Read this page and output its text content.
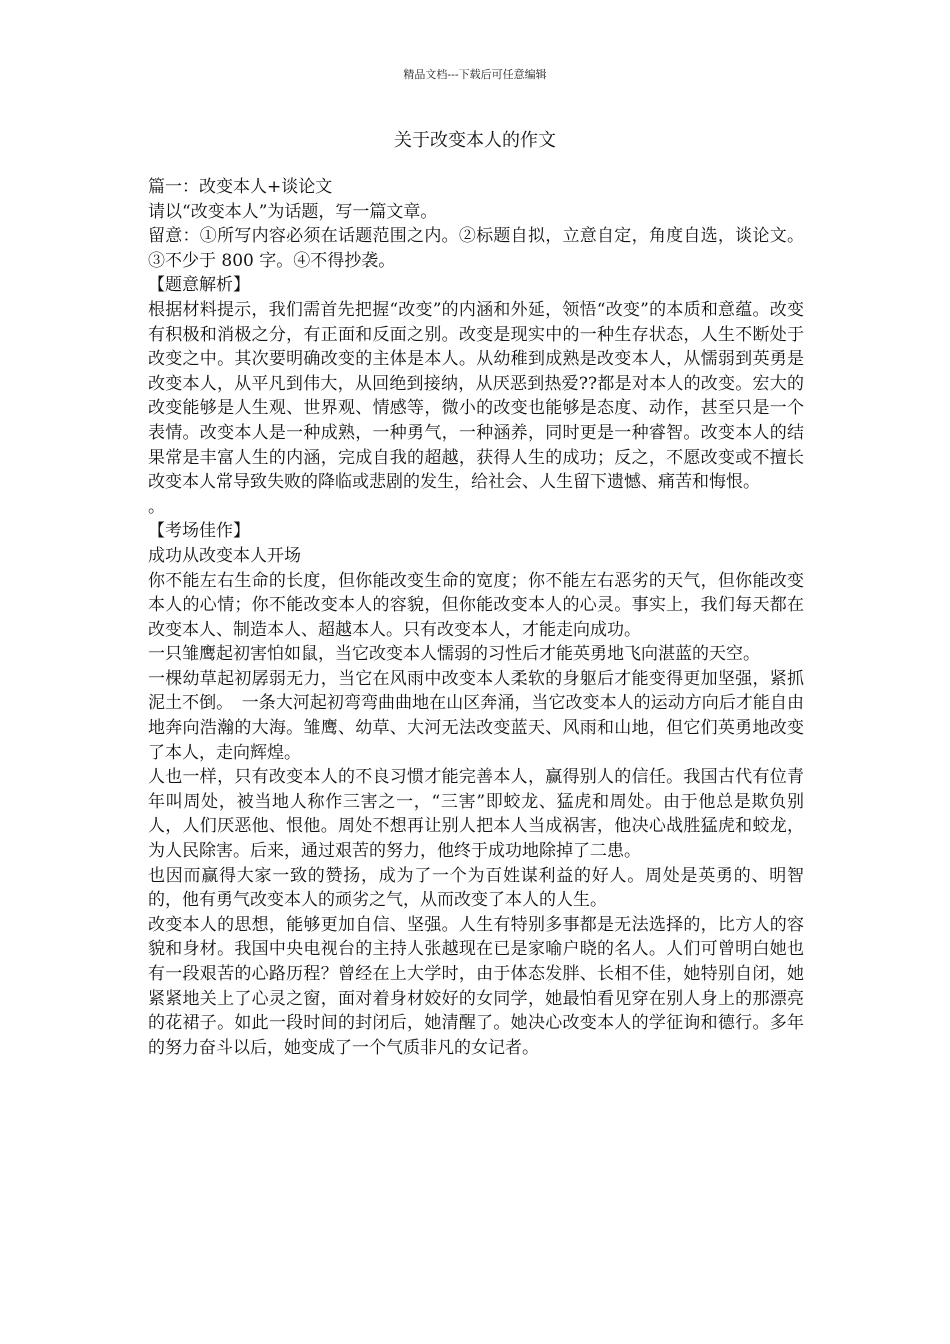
精品文档---下载后可任意编辑
关于改变本人的作文

篇一：改变本人+谈论文

请以“改变本人”为话题，写一篇文章。

留意：①所写内容必须在话题范围之内。②标题自拟，立意自定，角度自选，谈论文。③不少于 800 字。④不得抄袭。

【题意解析】

根据材料提示，我们需首先把握“改变”的内涵和外延，领悟“改变”的本质和意蕴。改变有积极和消极之分，有正面和反面之别。改变是现实中的一种生存状态，人生不断处于改变之中。其次要明确改变的主体是本人。从幼稚到成熟是改变本人，从懦弱到英勇是改变本人，从平凡到伟大，从回绝到接纳，从厌恶到热爱??都是对本人的改变。宏大的改变能够是人生观、世界观、情感等，微小的改变也能够是态度、动作，甚至只是一个表情。改变本人是一种成熟，一种勇气，一种涵养，同时更是一种睿智。改变本人的结果常是丰富人生的内涵，完成自我的超越，获得人生的成功；反之，不愿改变或不擅长改变本人常导致失败的降临或悲剧的发生，给社会、人生留下遗憾、痛苦和悔恨。

。

【考场佳作】

成功从改变本人开场

你不能左右生命的长度，但你能改变生命的宽度；你不能左右恶劣的天气，但你能改变本人的心情；你不能改变本人的容貌，但你能改变本人的心灵。事实上，我们每天都在改变本人、制造本人、超越本人。只有改变本人，才能走向成功。

一只雏鹰起初害怕如鼠，当它改变本人懦弱的习性后才能英勇地飞向湛蓝的天空。

一棵幼草起初孱弱无力，当它在风雨中改变本人柔软的身躯后才能变得更加坚强，紧抓泥土不倒。　一条大河起初弯弯曲曲地在山区奔涌，当它改变本人的运动方向后才能自由地奔向浩瀚的大海。雏鹰、幼草、大河无法改变蓝天、风雨和山地，但它们英勇地改变了本人，走向辉煌。

人也一样，只有改变本人的不良习惯才能完善本人，赢得别人的信任。我国古代有位青年叫周处，被当地人称作三害之一，“三害”即蛟龙、猛虎和周处。由于他总是欺负别人，人们厌恶他、恨他。周处不想再让别人把本人当成祸害，他决心战胜猛虎和蛟龙，为人民除害。后来，通过艰苦的努力，他终于成功地除掉了二患。

也因而赢得大家一致的赞扬，成为了一个为百姓谋利益的好人。周处是英勇的、明智的，他有勇气改变本人的顽劣之气，从而改变了本人的人生。

改变本人的思想，能够更加自信、坚强。人生有特别多事都是无法选择的，比方人的容貌和身材。我国中央电视台的主持人张越现在已是家喻户晓的名人。人们可曾明白她也有一段艰苦的心路历程？曾经在上大学时，由于体态发胖、长相不佳，她特别自闭，她紧紧地关上了心灵之窗，面对着身材姣好的女同学，她最怕看见穿在别人身上的那漂亮的花裙子。如此一段时间的封闭后，她清醒了。她决心改变本人的学征询和德行。多年的努力奋斗以后，她变成了一个气质非凡的女记者。
